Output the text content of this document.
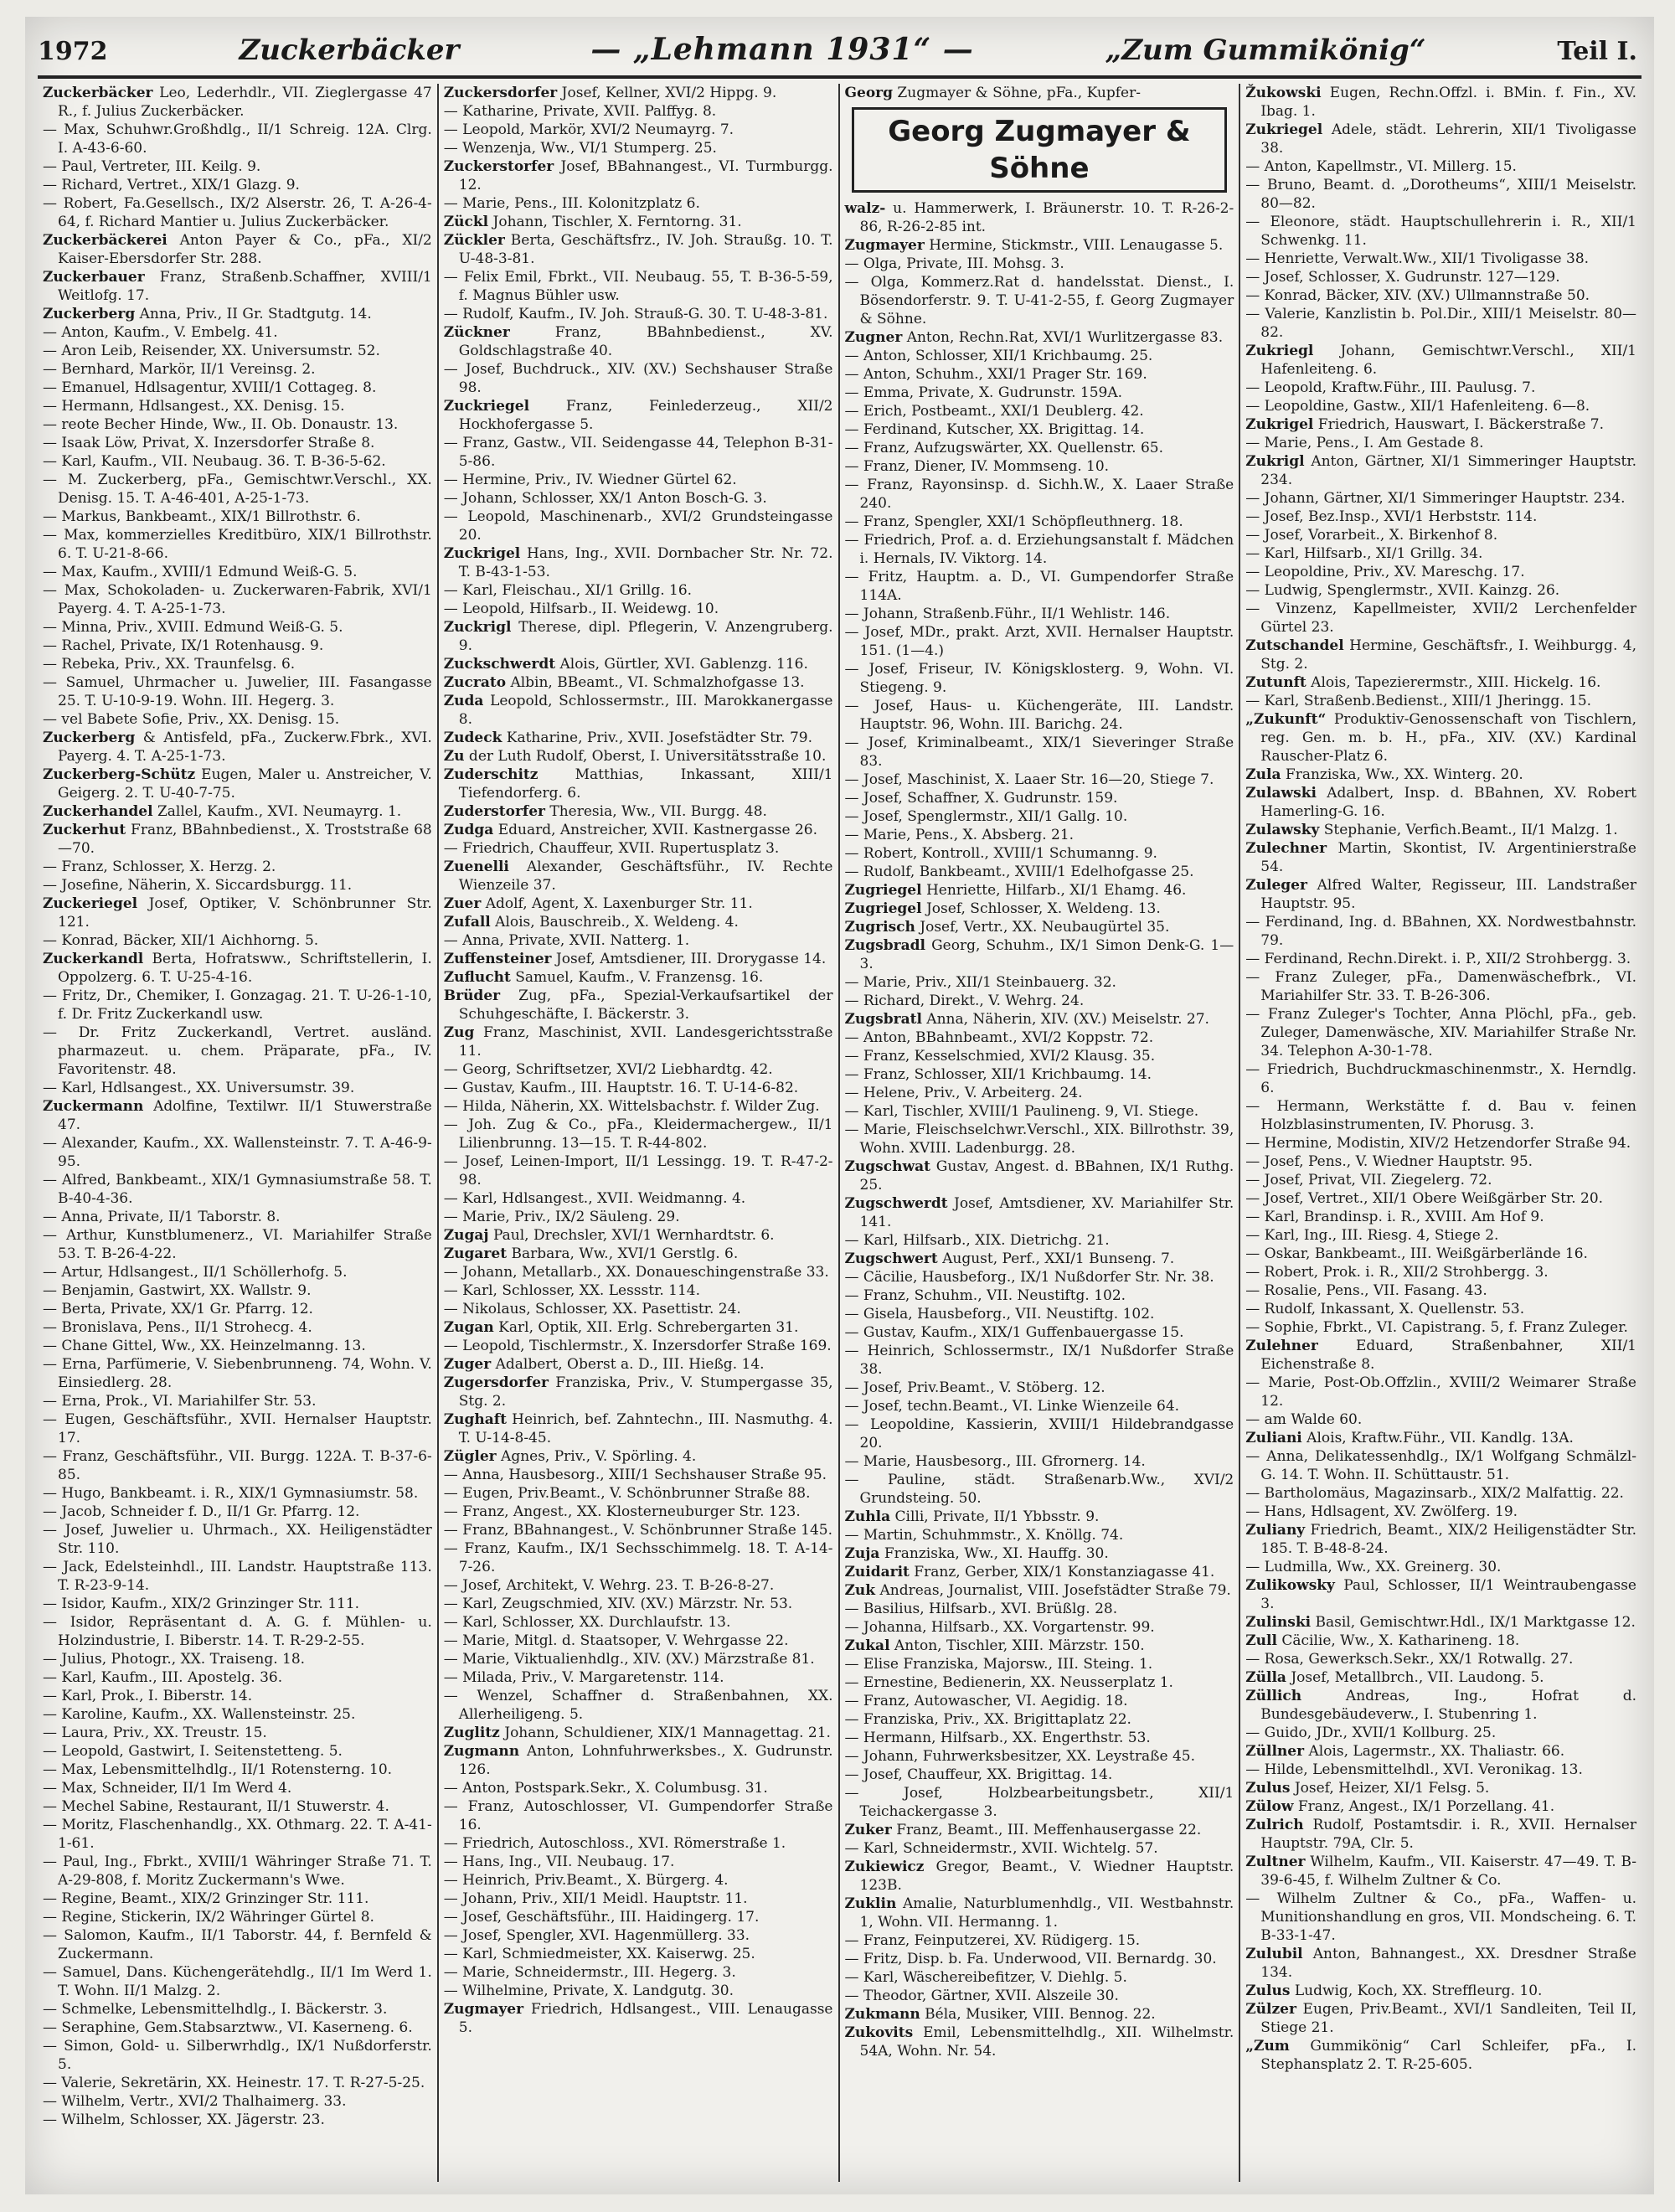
1972	Zuckerbäcker	— „Lehmann 1931“ —	„Zum Gummikönig“	Teil I.
Zuckerbäcker Leo, Lederhdlr., VII. Zieglergasse 47 R., f. Julius Zuckerbäcker.
— Max, Schuhwr.Großhdlg., II/1 Schreig. 12A. Clrg. I. A-43-6-60.
— Paul, Vertreter, III. Keilg. 9.
— Richard, Vertret., XIX/1 Glazg. 9.
— Robert, Fa.Gesellsch., IX/2 Alserstr. 26, T. A-26-4-64, f. Richard Mantier u. Julius Zuckerbäcker.
Zuckerbäckerei Anton Payer & Co., pFa., XI/2 Kaiser-Ebersdorfer Str. 288.
Zuckerbauer Franz, Straßenb.Schaffner, XVIII/1 Weitlofg. 17.
Zuckerberg Anna, Priv., II Gr. Stadtgutg. 14.
— Anton, Kaufm., V. Embelg. 41.
— Aron Leib, Reisender, XX. Universumstr. 52.
— Bernhard, Markör, II/1 Vereinsg. 2.
— Emanuel, Hdlsagentur, XVIII/1 Cottageg. 8.
— Hermann, Hdlsangest., XX. Denisg. 15.
— reote Becher Hinde, Ww., II. Ob. Donaustr. 13.
— Isaak Löw, Privat, X. Inzersdorfer Straße 8.
— Karl, Kaufm., VII. Neubaug. 36. T. B-36-5-62.
— M. Zuckerberg, pFa., Gemischtwr.Verschl., XX. Denisg. 15. T. A-46-401, A-25-1-73.
— Markus, Bankbeamt., XIX/1 Billrothstr. 6.
— Max, kommerzielles Kreditbüro, XIX/1 Billrothstr. 6. T. U-21-8-66.
— Max, Kaufm., XVIII/1 Edmund Weiß-G. 5.
— Max, Schokoladen- u. Zuckerwaren-Fabrik, XVI/1 Payerg. 4. T. A-25-1-73.
— Minna, Priv., XVIII. Edmund Weiß-G. 5.
— Rachel, Private, IX/1 Rotenhausg. 9.
— Rebeka, Priv., XX. Traunfelsg. 6.
— Samuel, Uhrmacher u. Juwelier, III. Fasangasse 25. T. U-10-9-19. Wohn. III. Hegerg. 3.
— vel Babete Sofie, Priv., XX. Denisg. 15.
Zuckerberg & Antisfeld, pFa., Zuckerw.Fbrk., XVI. Payerg. 4. T. A-25-1-73.
Zuckerberg-Schütz Eugen, Maler u. Anstreicher, V. Geigerg. 2. T. U-40-7-75.
Zuckerhandel Zallel, Kaufm., XVI. Neumayrg. 1.
Zuckerhut Franz, BBahnbedienst., X. Troststraße 68—70.
— Franz, Schlosser, X. Herzg. 2.
— Josefine, Näherin, X. Siccardsburgg. 11.
Zuckeriegel Josef, Optiker, V. Schönbrunner Str. 121.
— Konrad, Bäcker, XII/1 Aichhorng. 5.
Zuckerkandl Berta, Hofratsww., Schriftstellerin, I. Oppolzerg. 6. T. U-25-4-16.
— Fritz, Dr., Chemiker, I. Gonzagag. 21. T. U-26-1-10, f. Dr. Fritz Zuckerkandl usw.
— Dr. Fritz Zuckerkandl, Vertret. ausländ. pharmazeut. u. chem. Präparate, pFa., IV. Favoritenstr. 48.
— Karl, Hdlsangest., XX. Universumstr. 39.
Zuckermann Adolfine, Textilwr. II/1 Stuwerstraße 47.
— Alexander, Kaufm., XX. Wallensteinstr. 7. T. A-46-9-95.
— Alfred, Bankbeamt., XIX/1 Gymnasiumstraße 58. T. B-40-4-36.
— Anna, Private, II/1 Taborstr. 8.
— Arthur, Kunstblumenerz., VI. Mariahilfer Straße 53. T. B-26-4-22.
— Artur, Hdlsangest., II/1 Schöllerhofg. 5.
— Benjamin, Gastwirt, XX. Wallstr. 9.
— Berta, Private, XX/1 Gr. Pfarrg. 12.
— Bronislava, Pens., II/1 Strohecg. 4.
— Chane Gittel, Ww., XX. Heinzelmanng. 13.
— Erna, Parfümerie, V. Siebenbrunneng. 74, Wohn. V. Einsiedlerg. 28.
— Erna, Prok., VI. Mariahilfer Str. 53.
— Eugen, Geschäftsführ., XVII. Hernalser Hauptstr. 17.
— Franz, Geschäftsführ., VII. Burgg. 122A. T. B-37-6-85.
— Hugo, Bankbeamt. i. R., XIX/1 Gymnasiumstr. 58.
— Jacob, Schneider f. D., II/1 Gr. Pfarrg. 12.
— Josef, Juwelier u. Uhrmach., XX. Heiligenstädter Str. 110.
— Jack, Edelsteinhdl., III. Landstr. Hauptstraße 113. T. R-23-9-14.
— Isidor, Kaufm., XIX/2 Grinzinger Str. 111.
— Isidor, Repräsentant d. A. G. f. Mühlen- u. Holzindustrie, I. Biberstr. 14. T. R-29-2-55.
— Julius, Photogr., XX. Traiseng. 18.
— Karl, Kaufm., III. Apostelg. 36.
— Karl, Prok., I. Biberstr. 14.
— Karoline, Kaufm., XX. Wallensteinstr. 25.
— Laura, Priv., XX. Treustr. 15.
— Leopold, Gastwirt, I. Seitenstetteng. 5.
— Max, Lebensmittelhdlg., II/1 Rotensterng. 10.
— Max, Schneider, II/1 Im Werd 4.
— Mechel Sabine, Restaurant, II/1 Stuwerstr. 4.
— Moritz, Flaschenhandlg., XX. Othmarg. 22. T. A-41-1-61.
— Paul, Ing., Fbrkt., XVIII/1 Währinger Straße 71. T. A-29-808, f. Moritz Zuckermann's Wwe.
— Regine, Beamt., XIX/2 Grinzinger Str. 111.
— Regine, Stickerin, IX/2 Währinger Gürtel 8.
— Salomon, Kaufm., II/1 Taborstr. 44, f. Bernfeld & Zuckermann.
— Samuel, Dans. Küchengerätehdlg., II/1 Im Werd 1. T. Wohn. II/1 Malzg. 2.
— Schmelke, Lebensmittelhdlg., I. Bäckerstr. 3.
— Seraphine, Gem.Stabsarztww., VI. Kaserneng. 6.
— Simon, Gold- u. Silberwrhdlg., IX/1 Nußdorferstr. 5.
— Valerie, Sekretärin, XX. Heinestr. 17. T. R-27-5-25.
— Wilhelm, Vertr., XVI/2 Thalhaimerg. 33.
— Wilhelm, Schlosser, XX. Jägerstr. 23.
Zuckersdorfer Josef, Kellner, XVI/2 Hippg. 9.
— Katharine, Private, XVII. Palffyg. 8.
— Leopold, Markör, XVI/2 Neumayrg. 7.
— Wenzenja, Ww., VI/1 Stumperg. 25.
Zuckerstorfer Josef, BBahnangest., VI. Turmburgg. 12.
— Marie, Pens., III. Kolonitzplatz 6.
Zückl Johann, Tischler, X. Ferntorng. 31.
Zückler Berta, Geschäftsfrz., IV. Joh. Straußg. 10. T. U-48-3-81.
— Felix Emil, Fbrkt., VII. Neubaug. 55, T. B-36-5-59, f. Magnus Bühler usw.
— Rudolf, Kaufm., IV. Joh. Strauß-G. 30. T. U-48-3-81.
Zückner Franz, BBahnbedienst., XV. Goldschlagstraße 40.
— Josef, Buchdruck., XIV. (XV.) Sechshauser Straße 98.
Zuckriegel Franz, Feinlederzeug., XII/2 Hockhofergasse 5.
— Franz, Gastw., VII. Seidengasse 44, Telephon B-31-5-86.
— Hermine, Priv., IV. Wiedner Gürtel 62.
— Johann, Schlosser, XX/1 Anton Bosch-G. 3.
— Leopold, Maschinenarb., XVI/2 Grundsteingasse 20.
Zuckrigel Hans, Ing., XVII. Dornbacher Str. Nr. 72. T. B-43-1-53.
— Karl, Fleischau., XI/1 Grillg. 16.
— Leopold, Hilfsarb., II. Weidewg. 10.
Zuckrigl Therese, dipl. Pflegerin, V. Anzengruberg. 9.
Zuckschwerdt Alois, Gürtler, XVI. Gablenzg. 116.
Zucrato Albin, BBeamt., VI. Schmalzhofgasse 13.
Zuda Leopold, Schlossermstr., III. Marokkanergasse 8.
Zudeck Katharine, Priv., XVII. Josefstädter Str. 79.
Zu der Luth Rudolf, Oberst, I. Universitätsstraße 10.
Zuderschitz Matthias, Inkassant, XIII/1 Tiefendorferg. 6.
Zuderstorfer Theresia, Ww., VII. Burgg. 48.
Zudga Eduard, Anstreicher, XVII. Kastnergasse 26.
— Friedrich, Chauffeur, XVII. Rupertusplatz 3.
Zuenelli Alexander, Geschäftsführ., IV. Rechte Wienzeile 37.
Zuer Adolf, Agent, X. Laxenburger Str. 11.
Zufall Alois, Bauschreib., X. Weldeng. 4.
— Anna, Private, XVII. Natterg. 1.
Zuffensteiner Josef, Amtsdiener, III. Drorygasse 14.
Zuflucht Samuel, Kaufm., V. Franzensg. 16.
Brüder Zug, pFa., Spezial-Verkaufsartikel der Schuhgeschäfte, I. Bäckerstr. 3.
Zug Franz, Maschinist, XVII. Landesgerichtsstraße 11.
— Georg, Schriftsetzer, XVI/2 Liebhardtg. 42.
— Gustav, Kaufm., III. Hauptstr. 16. T. U-14-6-82.
— Hilda, Näherin, XX. Wittelsbachstr. f. Wilder Zug.
— Joh. Zug & Co., pFa., Kleidermachergew., II/1 Lilienbrunng. 13—15. T. R-44-802.
— Josef, Leinen-Import, II/1 Lessingg. 19. T. R-47-2-98.
— Karl, Hdlsangest., XVII. Weidmanng. 4.
— Marie, Priv., IX/2 Säuleng. 29.
Zugaj Paul, Drechsler, XVI/1 Wernhardtstr. 6.
Zugaret Barbara, Ww., XVI/1 Gerstlg. 6.
— Johann, Metallarb., XX. Donaueschingenstraße 33.
— Karl, Schlosser, XX. Lessstr. 114.
— Nikolaus, Schlosser, XX. Pasettistr. 24.
Zugan Karl, Optik, XII. Erlg. Schrebergarten 31.
— Leopold, Tischlermstr., X. Inzersdorfer Straße 169.
Zuger Adalbert, Oberst a. D., III. Hießg. 14.
Zugersdorfer Franziska, Priv., V. Stumpergasse 35, Stg. 2.
Zughaft Heinrich, bef. Zahntechn., III. Nasmuthg. 4. T. U-14-8-45.
Zügler Agnes, Priv., V. Spörling. 4.
— Anna, Hausbesorg., XIII/1 Sechshauser Straße 95.
— Eugen, Priv.Beamt., V. Schönbrunner Straße 88.
— Franz, Angest., XX. Klosterneuburger Str. 123.
— Franz, BBahnangest., V. Schönbrunner Straße 145.
— Franz, Kaufm., IX/1 Sechsschimmelg. 18. T. A-14-7-26.
— Josef, Architekt, V. Wehrg. 23. T. B-26-8-27.
— Karl, Zeugschmied, XIV. (XV.) Märzstr. Nr. 53.
— Karl, Schlosser, XX. Durchlaufstr. 13.
— Marie, Mitgl. d. Staatsoper, V. Wehrgasse 22.
— Marie, Viktualienhdlg., XIV. (XV.) Märzstraße 81.
— Milada, Priv., V. Margaretenstr. 114.
— Wenzel, Schaffner d. Straßenbahnen, XX. Allerheiligeng. 5.
Zuglitz Johann, Schuldiener, XIX/1 Mannagettag. 21.
Zugmann Anton, Lohnfuhrwerksbes., X. Gudrunstr. 126.
— Anton, Postspark.Sekr., X. Columbusg. 31.
— Franz, Autoschlosser, VI. Gumpendorfer Straße 16.
— Friedrich, Autoschloss., XVI. Römerstraße 1.
— Hans, Ing., VII. Neubaug. 17.
— Heinrich, Priv.Beamt., X. Bürgerg. 4.
— Johann, Priv., XII/1 Meidl. Hauptstr. 11.
— Josef, Geschäftsführ., III. Haidingerg. 17.
— Josef, Spengler, XVI. Hagenmüllerg. 33.
— Karl, Schmiedmeister, XX. Kaiserwg. 25.
— Marie, Schneidermstr., III. Hegerg. 3.
— Wilhelmine, Private, X. Landgutg. 30.
Zugmayer Friedrich, Hdlsangest., VIII. Lenaugasse 5.
Georg Zugmayer & Söhne, pFa., Kupfer-
Georg Zugmayer & Söhne
walz- u. Hammerwerk, I. Bräunerstr. 10. T. R-26-2-86, R-26-2-85 int.
Zugmayer Hermine, Stickmstr., VIII. Lenaugasse 5.
— Olga, Private, III. Mohsg. 3.
— Olga, Kommerz.Rat d. handelsstat. Dienst., I. Bösendorferstr. 9. T. U-41-2-55, f. Georg Zugmayer & Söhne.
Zugner Anton, Rechn.Rat, XVI/1 Wurlitzergasse 83.
— Anton, Schlosser, XII/1 Krichbaumg. 25.
— Anton, Schuhm., XXI/1 Prager Str. 169.
— Emma, Private, X. Gudrunstr. 159A.
— Erich, Postbeamt., XXI/1 Deublerg. 42.
— Ferdinand, Kutscher, XX. Brigittag. 14.
— Franz, Aufzugswärter, XX. Quellenstr. 65.
— Franz, Diener, IV. Mommseng. 10.
— Franz, Rayonsinsp. d. Sichh.W., X. Laaer Straße 240.
— Franz, Spengler, XXI/1 Schöpfleuthnerg. 18.
— Friedrich, Prof. a. d. Erziehungsanstalt f. Mädchen i. Hernals, IV. Viktorg. 14.
— Fritz, Hauptm. a. D., VI. Gumpendorfer Straße 114A.
— Johann, Straßenb.Führ., II/1 Wehlistr. 146.
— Josef, MDr., prakt. Arzt, XVII. Hernalser Hauptstr. 151. (1—4.)
— Josef, Friseur, IV. Königsklosterg. 9, Wohn. VI. Stiegeng. 9.
— Josef, Haus- u. Küchengeräte, III. Landstr. Hauptstr. 96, Wohn. III. Barichg. 24.
— Josef, Kriminalbeamt., XIX/1 Sieveringer Straße 83.
— Josef, Maschinist, X. Laaer Str. 16—20, Stiege 7.
— Josef, Schaffner, X. Gudrunstr. 159.
— Josef, Spenglermstr., XII/1 Gallg. 10.
— Marie, Pens., X. Absberg. 21.
— Robert, Kontroll., XVIII/1 Schumanng. 9.
— Rudolf, Bankbeamt., XVIII/1 Edelhofgasse 25.
Zugriegel Henriette, Hilfarb., XI/1 Ehamg. 46.
Zugriegel Josef, Schlosser, X. Weldeng. 13.
Zugrisch Josef, Vertr., XX. Neubaugürtel 35.
Zugsbradl Georg, Schuhm., IX/1 Simon Denk-G. 1—3.
— Marie, Priv., XII/1 Steinbauerg. 32.
— Richard, Direkt., V. Wehrg. 24.
Zugsbratl Anna, Näherin, XIV. (XV.) Meiselstr. 27.
— Anton, BBahnbeamt., XVI/2 Koppstr. 72.
— Franz, Kesselschmied, XVI/2 Klausg. 35.
— Franz, Schlosser, XII/1 Krichbaumg. 14.
— Helene, Priv., V. Arbeiterg. 24.
— Karl, Tischler, XVIII/1 Paulineng. 9, VI. Stiege.
— Marie, Fleischselchwr.Verschl., XIX. Billrothstr. 39, Wohn. XVIII. Ladenburgg. 28.
Zugschwat Gustav, Angest. d. BBahnen, IX/1 Ruthg. 25.
Zugschwerdt Josef, Amtsdiener, XV. Mariahilfer Str. 141.
— Karl, Hilfsarb., XIX. Dietrichg. 21.
Zugschwert August, Perf., XXI/1 Bunseng. 7.
— Cäcilie, Hausbeforg., IX/1 Nußdorfer Str. Nr. 38.
— Franz, Schuhm., VII. Neustiftg. 102.
— Gisela, Hausbeforg., VII. Neustiftg. 102.
— Gustav, Kaufm., XIX/1 Guffenbauergasse 15.
— Heinrich, Schlossermstr., IX/1 Nußdorfer Straße 38.
— Josef, Priv.Beamt., V. Stöberg. 12.
— Josef, techn.Beamt., VI. Linke Wienzeile 64.
— Leopoldine, Kassierin, XVIII/1 Hildebrandgasse 20.
— Marie, Hausbesorg., III. Gfrornerg. 14.
— Pauline, städt. Straßenarb.Ww., XVI/2 Grundsteing. 50.
Zuhla Cilli, Private, II/1 Ybbsstr. 9.
— Martin, Schuhmmstr., X. Knöllg. 74.
Zuja Franziska, Ww., XI. Hauffg. 30.
Zuidarit Franz, Gerber, XIX/1 Konstanziagasse 41.
Zuk Andreas, Journalist, VIII. Josefstädter Straße 79.
— Basilius, Hilfsarb., XVI. Brüßlg. 28.
— Johanna, Hilfsarb., XX. Vorgartenstr. 99.
Zukal Anton, Tischler, XIII. Märzstr. 150.
— Elise Franziska, Majorsw., III. Steing. 1.
— Ernestine, Bedienerin, XX. Neusserplatz 1.
— Franz, Autowascher, VI. Aegidig. 18.
— Franziska, Priv., XX. Brigittaplatz 22.
— Hermann, Hilfsarb., XX. Engerthstr. 53.
— Johann, Fuhrwerksbesitzer, XX. Leystraße 45.
— Josef, Chauffeur, XX. Brigittag. 14.
— Josef, Holzbearbeitungsbetr., XII/1 Teichackergasse 3.
Zuker Franz, Beamt., III. Meffenhausergasse 22.
— Karl, Schneidermstr., XVII. Wichtelg. 57.
Zukiewicz Gregor, Beamt., V. Wiedner Hauptstr. 123B.
Zuklin Amalie, Naturblumenhdlg., VII. Westbahnstr. 1, Wohn. VII. Hermanng. 1.
— Franz, Feinputzerei, XV. Rüdigerg. 15.
— Fritz, Disp. b. Fa. Underwood, VII. Bernardg. 30.
— Karl, Wäschereibefitzer, V. Diehlg. 5.
— Theodor, Gärtner, XVII. Alszeile 30.
Zukmann Béla, Musiker, VIII. Bennog. 22.
Zukovits Emil, Lebensmittelhdlg., XII. Wilhelmstr. 54A, Wohn. Nr. 54.
Žukowski Eugen, Rechn.Offzl. i. BMin. f. Fin., XV. Ibag. 1.
Zukriegel Adele, städt. Lehrerin, XII/1 Tivoligasse 38.
— Anton, Kapellmstr., VI. Millerg. 15.
— Bruno, Beamt. d. „Dorotheums“, XIII/1 Meiselstr. 80—82.
— Eleonore, städt. Hauptschullehrerin i. R., XII/1 Schwenkg. 11.
— Henriette, Verwalt.Ww., XII/1 Tivoligasse 38.
— Josef, Schlosser, X. Gudrunstr. 127—129.
— Konrad, Bäcker, XIV. (XV.) Ullmannstraße 50.
— Valerie, Kanzlistin b. Pol.Dir., XIII/1 Meiselstr. 80—82.
Zukriegl Johann, Gemischtwr.Verschl., XII/1 Hafenleiteng. 6.
— Leopold, Kraftw.Führ., III. Paulusg. 7.
— Leopoldine, Gastw., XII/1 Hafenleiteng. 6—8.
Zukrigel Friedrich, Hauswart, I. Bäckerstraße 7.
— Marie, Pens., I. Am Gestade 8.
Zukrigl Anton, Gärtner, XI/1 Simmeringer Hauptstr. 234.
— Johann, Gärtner, XI/1 Simmeringer Hauptstr. 234.
— Josef, Bez.Insp., XVI/1 Herbststr. 114.
— Josef, Vorarbeit., X. Birkenhof 8.
— Karl, Hilfsarb., XI/1 Grillg. 34.
— Leopoldine, Priv., XV. Mareschg. 17.
— Ludwig, Spenglermstr., XVII. Kainzg. 26.
— Vinzenz, Kapellmeister, XVII/2 Lerchenfelder Gürtel 23.
Zutschandel Hermine, Geschäftsfr., I. Weihburgg. 4, Stg. 2.
Zutunft Alois, Tapezierermstr., XIII. Hickelg. 16.
— Karl, Straßenb.Bedienst., XIII/1 Jheringg. 15.
„Zukunft“ Produktiv-Genossenschaft von Tischlern, reg. Gen. m. b. H., pFa., XIV. (XV.) Kardinal Rauscher-Platz 6.
Zula Franziska, Ww., XX. Winterg. 20.
Zulawski Adalbert, Insp. d. BBahnen, XV. Robert Hamerling-G. 16.
Zulawsky Stephanie, Verfich.Beamt., II/1 Malzg. 1.
Zulechner Martin, Skontist, IV. Argentinierstraße 54.
Zuleger Alfred Walter, Regisseur, III. Landstraßer Hauptstr. 95.
— Ferdinand, Ing. d. BBahnen, XX. Nordwestbahnstr. 79.
— Ferdinand, Rechn.Direkt. i. P., XII/2 Strohbergg. 3.
— Franz Zuleger, pFa., Damenwäschefbrk., VI. Mariahilfer Str. 33. T. B-26-306.
— Franz Zuleger's Tochter, Anna Plöchl, pFa., geb. Zuleger, Damenwäsche, XIV. Mariahilfer Straße Nr. 34. Telephon A-30-1-78.
— Friedrich, Buchdruckmaschinenmstr., X. Herndlg. 6.
— Hermann, Werkstätte f. d. Bau v. feinen Holzblasinstrumenten, IV. Phorusg. 3.
— Hermine, Modistin, XIV/2 Hetzendorfer Straße 94.
— Josef, Pens., V. Wiedner Hauptstr. 95.
— Josef, Privat, VII. Ziegelerg. 72.
— Josef, Vertret., XII/1 Obere Weißgärber Str. 20.
— Karl, Brandinsp. i. R., XVIII. Am Hof 9.
— Karl, Ing., III. Riesg. 4, Stiege 2.
— Oskar, Bankbeamt., III. Weißgärberlände 16.
— Robert, Prok. i. R., XII/2 Strohbergg. 3.
— Rosalie, Pens., VII. Fasang. 43.
— Rudolf, Inkassant, X. Quellenstr. 53.
— Sophie, Fbrkt., VI. Capistrang. 5, f. Franz Zuleger.
Zulehner Eduard, Straßenbahner, XII/1 Eichenstraße 8.
— Marie, Post-Ob.Offzlin., XVIII/2 Weimarer Straße 12.
— am Walde 60.
Zuliani Alois, Kraftw.Führ., VII. Kandlg. 13A.
— Anna, Delikatessenhdlg., IX/1 Wolfgang Schmälzl-G. 14. T. Wohn. II. Schüttaustr. 51.
— Bartholomäus, Magazinsarb., XIX/2 Malfattig. 22.
— Hans, Hdlsagent, XV. Zwölferg. 19.
Zuliany Friedrich, Beamt., XIX/2 Heiligenstädter Str. 185. T. B-48-8-24.
— Ludmilla, Ww., XX. Greinerg. 30.
Zulikowsky Paul, Schlosser, II/1 Weintraubengasse 3.
Zulinski Basil, Gemischtwr.Hdl., IX/1 Marktgasse 12.
Zull Cäcilie, Ww., X. Katharineng. 18.
— Rosa, Gewerksch.Sekr., XX/1 Rotwallg. 27.
Zülla Josef, Metallbrch., VII. Laudong. 5.
Züllich Andreas, Ing., Hofrat d. Bundesgebäudeverw., I. Stubenring 1.
— Guido, JDr., XVII/1 Kollburg. 25.
Züllner Alois, Lagermstr., XX. Thaliastr. 66.
— Hilde, Lebensmittelhdl., XVI. Veronikag. 13.
Zulus Josef, Heizer, XI/1 Felsg. 5.
Zülow Franz, Angest., IX/1 Porzellang. 41.
Zulrich Rudolf, Postamtsdir. i. R., XVII. Hernalser Hauptstr. 79A, Clr. 5.
Zultner Wilhelm, Kaufm., VII. Kaiserstr. 47—49. T. B-39-6-45, f. Wilhelm Zultner & Co.
— Wilhelm Zultner & Co., pFa., Waffen- u. Munitionshandlung en gros, VII. Mondscheing. 6. T. B-33-1-47.
Zulubil Anton, Bahnangest., XX. Dresdner Straße 134.
Zulus Ludwig, Koch, XX. Streffleurg. 10.
Zülzer Eugen, Priv.Beamt., XVI/1 Sandleiten, Teil II, Stiege 21.
„Zum Gummikönig“ Carl Schleifer, pFa., I. Stephansplatz 2. T. R-25-605.
